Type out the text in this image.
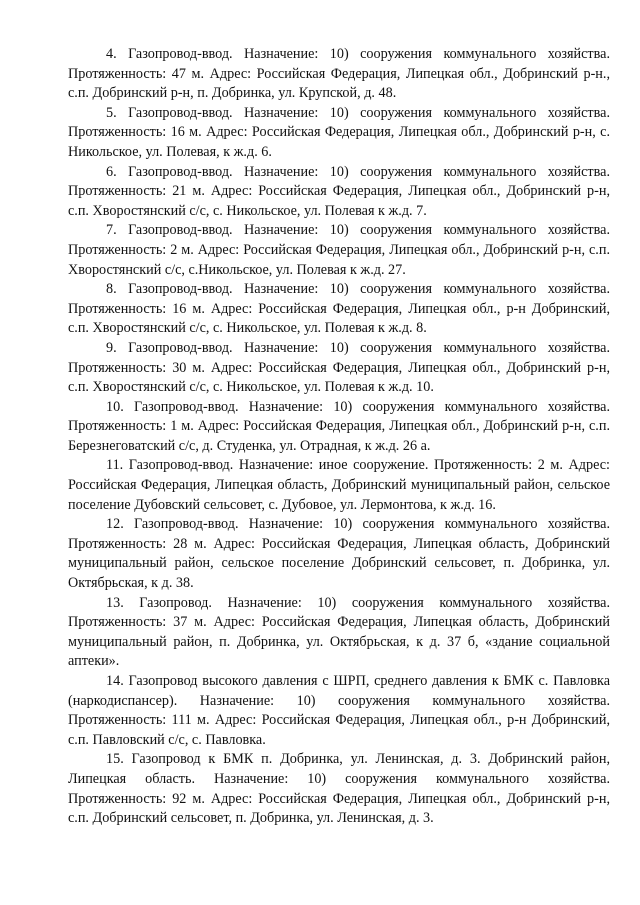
4. Газопровод-ввод. Назначение: 10) сооружения коммунального хозяйства. Протяженность: 47 м. Адрес: Российская Федерация, Липецкая обл., Добринский р-н., с.п. Добринский р-н, п. Добринка, ул. Крупской, д. 48.

5. Газопровод-ввод. Назначение: 10) сооружения коммунального хозяйства. Протяженность: 16 м. Адрес: Российская Федерация, Липецкая обл., Добринский р-н, с. Никольское, ул. Полевая, к ж.д. 6.

6. Газопровод-ввод. Назначение: 10) сооружения коммунального хозяйства. Протяженность: 21 м. Адрес: Российская Федерация, Липецкая обл., Добринский р-н, с.п. Хворостянский с/с, с. Никольское, ул. Полевая к ж.д. 7.

7. Газопровод-ввод. Назначение: 10) сооружения коммунального хозяйства. Протяженность: 2 м. Адрес: Российская Федерация, Липецкая обл., Добринский р-н, с.п. Хворостянский с/с, с.Никольское, ул. Полевая к ж.д. 27.

8. Газопровод-ввод. Назначение: 10) сооружения коммунального хозяйства. Протяженность: 16 м. Адрес: Российская Федерация, Липецкая обл., р-н Добринский, с.п. Хворостянский с/с, с. Никольское, ул. Полевая к ж.д. 8.

9. Газопровод-ввод. Назначение: 10) сооружения коммунального хозяйства. Протяженность: 30 м. Адрес: Российская Федерация, Липецкая обл., Добринский р-н, с.п. Хворостянский с/с, с. Никольское, ул. Полевая к ж.д. 10.

10. Газопровод-ввод. Назначение: 10) сооружения коммунального хозяйства. Протяженность: 1 м. Адрес: Российская Федерация, Липецкая обл., Добринский р-н, с.п. Березнеговатский с/с, д. Студенка, ул. Отрадная, к ж.д. 26 а.

11. Газопровод-ввод. Назначение: иное сооружение. Протяженность: 2 м. Адрес: Российская Федерация, Липецкая область, Добринский муниципальный район, сельское поселение Дубовский сельсовет, с. Дубовое, ул. Лермонтова, к ж.д. 16.

12. Газопровод-ввод. Назначение: 10) сооружения коммунального хозяйства. Протяженность: 28 м. Адрес: Российская Федерация, Липецкая область, Добринский муниципальный район, сельское поселение Добринский сельсовет, п. Добринка, ул. Октябрьская, к д. 38.

13. Газопровод. Назначение: 10) сооружения коммунального хозяйства. Протяженность: 37 м. Адрес: Российская Федерация, Липецкая область, Добринский муниципальный район, п. Добринка, ул. Октябрьская, к д. 37 б, «здание социальной аптеки».

14. Газопровод высокого давления с ШРП, среднего давления к БМК с. Павловка (наркодиспансер). Назначение: 10) сооружения коммунального хозяйства. Протяженность: 111 м. Адрес: Российская Федерация, Липецкая обл., р-н Добринский, с.п. Павловский с/с, с. Павловка.

15. Газопровод к БМК п. Добринка, ул. Ленинская, д. 3. Добринский район, Липецкая область. Назначение: 10) сооружения коммунального хозяйства. Протяженность: 92 м. Адрес: Российская Федерация, Липецкая обл., Добринский р-н, с.п. Добринский сельсовет, п. Добринка, ул. Ленинская, д. 3.
